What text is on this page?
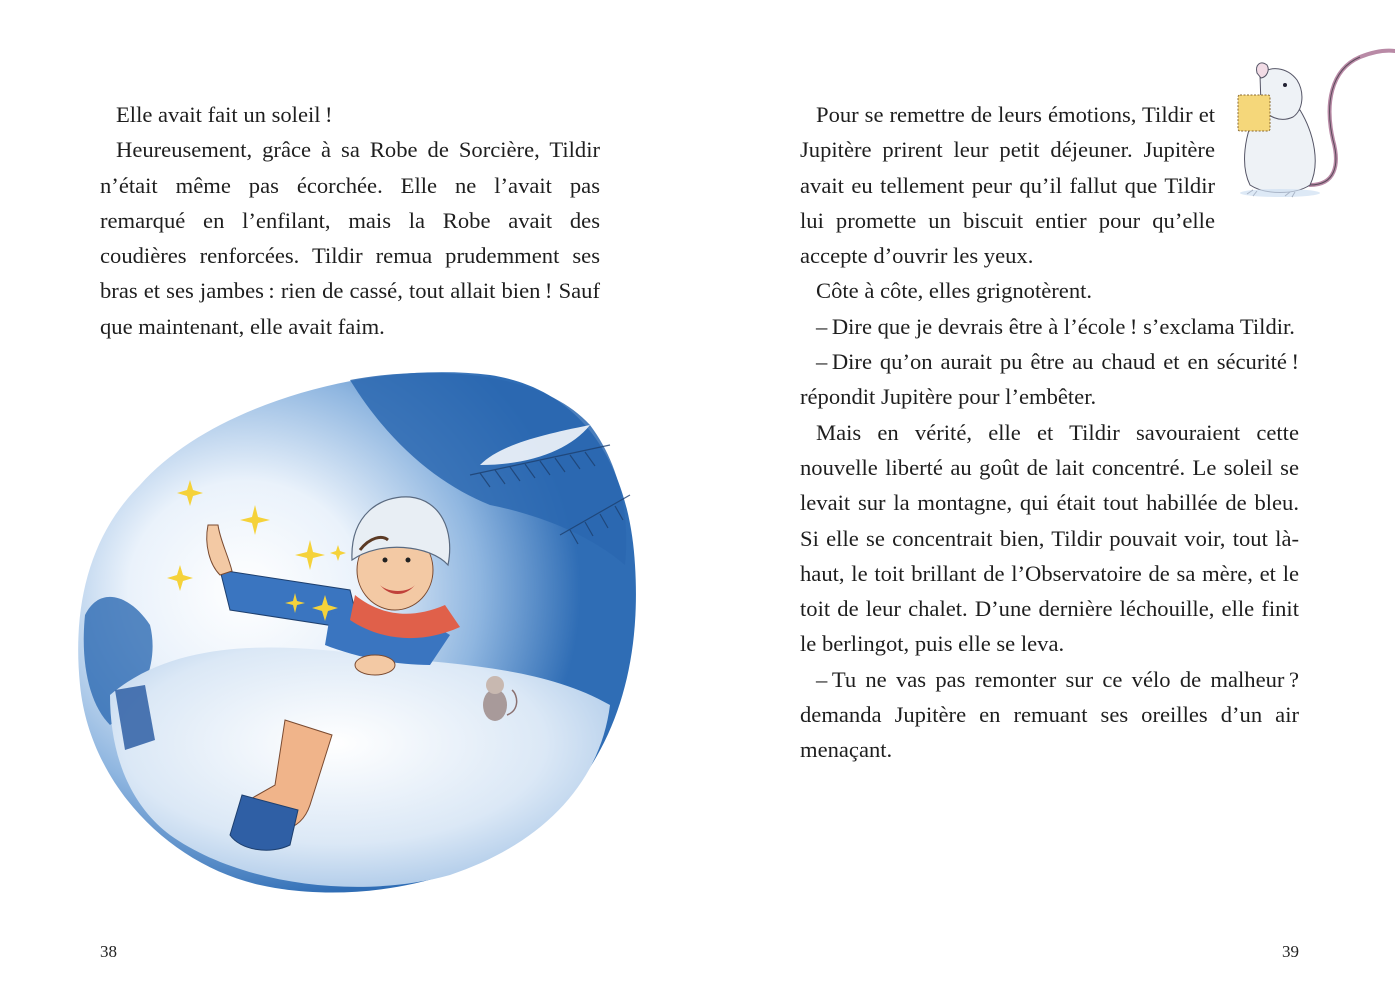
Elle avait fait un soleil !

Heureusement, grâce à sa Robe de Sorcière, Tildir n’était même pas écorchée. Elle ne l’avait pas remarqué en l’enfilant, mais la Robe avait des coudières renforcées. Tildir remua prudemment ses bras et ses jambes : rien de cassé, tout allait bien ! Sauf que maintenant, elle avait faim.

38

Pour se remettre de leurs émotions, Tildir et Jupitère prirent leur petit déjeuner. Jupitère avait eu tellement peur qu’il fallut que Tildir lui promette un biscuit entier pour qu’elle accepte d’ouvrir les yeux.

Côte à côte, elles grignotèrent.

– Dire que je devrais être à l’école ! s’exclama Tildir.

– Dire qu’on aurait pu être au chaud et en sécurité ! répondit Jupitère pour l’embêter.

Mais en vérité, elle et Tildir savouraient cette nouvelle liberté au goût de lait concentré. Le soleil se levait sur la montagne, qui était tout habillée de bleu. Si elle se concentrait bien, Tildir pouvait voir, tout là-haut, le toit brillant de l’Observatoire de sa mère, et le toit de leur chalet. D’une dernière léchouille, elle finit le berlingot, puis elle se leva.

– Tu ne vas pas remonter sur ce vélo de malheur ? demanda Jupitère en remuant ses oreilles d’un air menaçant.

39
